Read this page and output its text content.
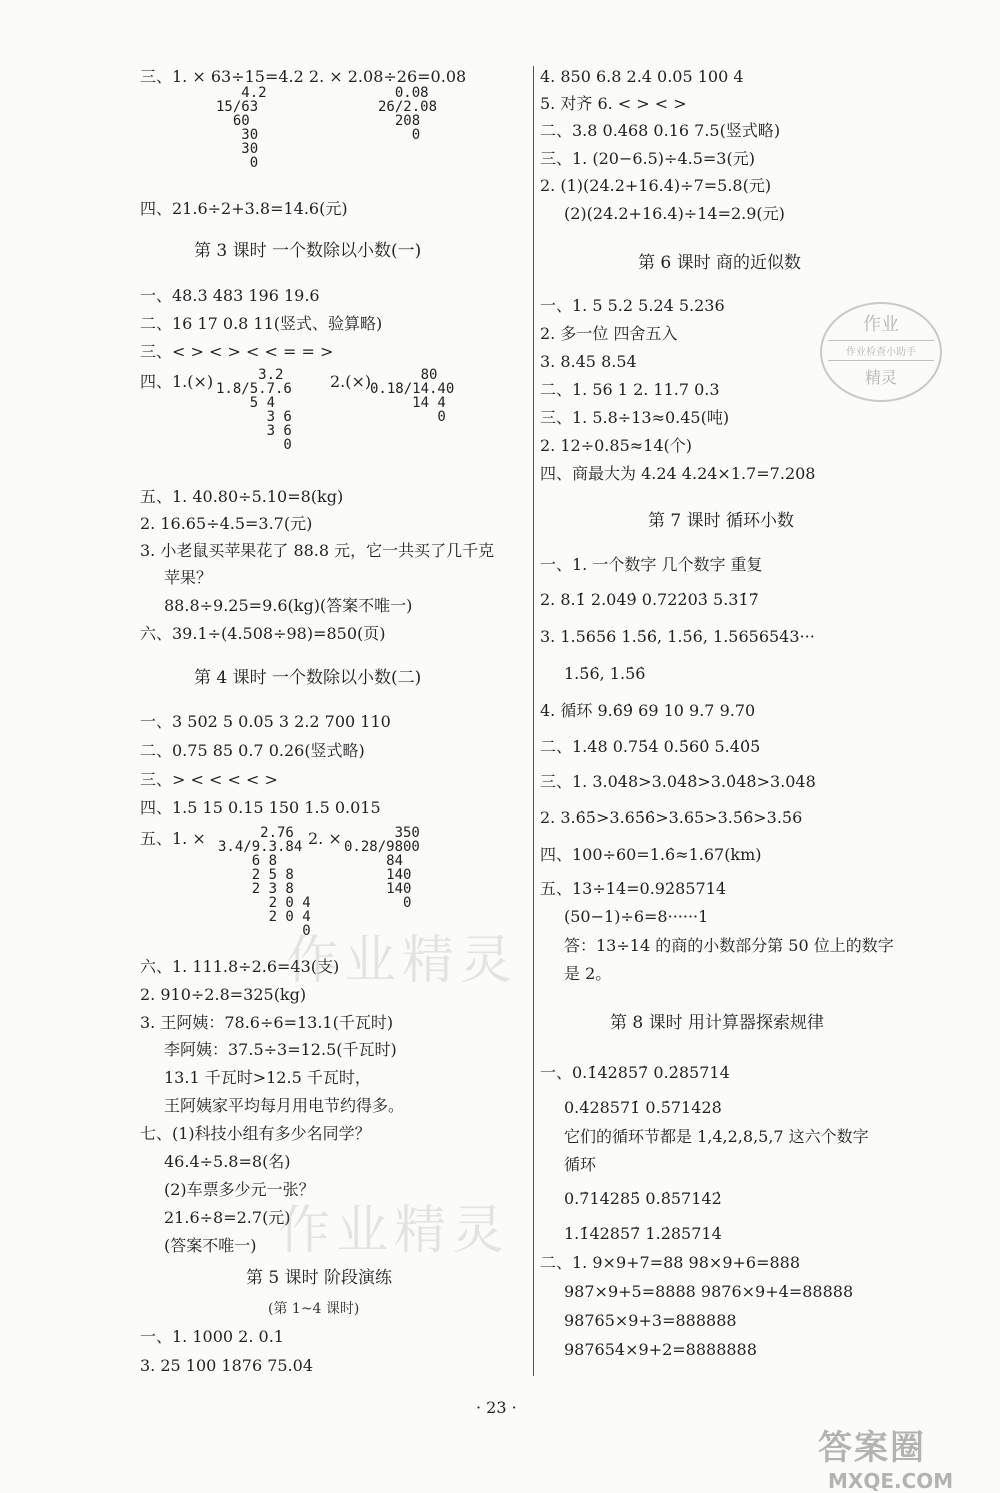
三、1. × 63÷15=4.2 2. × 2.08÷26=0.08
4.2
15/63
60
30
30
0
0.08
26/2.08
208
0
四、21.6÷2+3.8=14.6(元)
第 3 课时 一个数除以小数(一)
一、48.3 483 196 19.6
二、16 17 0.8 11(竖式、验算略)
三、< > < > < < = = >
四、1.(×)	2.(×)
3.2
1.8/5.7.6
5 4
3 6
3 6
0
80
0.18/14.40
14 4
0
五、1. 40.80÷5.10=8(kg)
2. 16.65÷4.5=3.7(元)
3. 小老鼠买苹果花了 88.8 元，它一共买了几千克
苹果？
88.8÷9.25=9.6(kg)(答案不唯一)
六、39.1÷(4.508÷98)=850(页)
第 4 课时 一个数除以小数(二)
一、3 502 5 0.05 3 2.2 700 110
二、0.75 85 0.7 0.26(竖式略)
三、> < < < < >
四、1.5 15 0.15 150 1.5 0.015
五、1. ×	2. ×
2.76
3.4/9.3.84
6 8
2 5 8
2 3 8
2 0 4
2 0 4
0
350
0.28/9800
84
140
140
0
六、1. 111.8÷2.6=43(支)
2. 910÷2.8=325(kg)
3. 王阿姨：78.6÷6=13.1(千瓦时)
李阿姨：37.5÷3=12.5(千瓦时)
13.1 千瓦时>12.5 千瓦时，
王阿姨家平均每月用电节约得多。
七、(1)科技小组有多少名同学？
46.4÷5.8=8(名)
(2)车票多少元一张？
21.6÷8=2.7(元)
(答案不唯一)
第 5 课时 阶段演练
(第 1~4 课时)
一、1. 1000 2. 0.1
3. 25 100 1876 75.04
4. 850 6.8 2.4 0.05 100 4
5. 对齐 6. < > < >
二、3.8 0.468 0.16 7.5(竖式略)
三、1. (20−6.5)÷4.5=3(元)
2. (1)(24.2+16.4)÷7=5.8(元)
(2)(24.2+16.4)÷14=2.9(元)
第 6 课时 商的近似数
一、1. 5 5.2 5.24 5.236
2. 多一位 四舍五入
3. 8.45 8.54
二、1. 56 1 2. 11.7 0.3
三、1. 5.8÷13≈0.45(吨)
2. 12÷0.85≈14(个)
四、商最大为 4.24 4.24×1.7=7.208
第 7 课时 循环小数
一、1. 一个数字 几个数字 重复
2. 8.1̇ 2.04̇9̇ 0.722̇03̇ 5.31̇7̇
3. 1.5656 1.5̇6̇, 1.5̇6̇, 1.5656543···
1.5̇6̇, 1.5̇6̇
4. 循环 9.6̇9̇ 69 10 9.7 9.70
二、1.48 0.75̇4̇ 0.5̇60̇ 5.40̇5̇
三、1. 3.048>3.04̇8̇>3.0̇48̇>3.048
2. 3.6̇5̇>3.65̇6̇>3.65>3.5̇6̇>3.5̇6
四、100÷60=1.6̇≈1.67(km)
五、13÷14=0.92̇85714̇
(50−1)÷6=8······1
答：13÷14 的商的小数部分第 50 位上的数字
是 2。
第 8 课时 用计算器探索规律
一、0.1̇42857̇ 0.2̇85714̇
0.4̇28571̇ 0.5̇71428̇
它们的循环节都是 1,4,2,8,5,7 这六个数字
循环
0.7̇14285̇ 0.8̇57142̇
1.1̇42857̇ 1.2̇85714̇
二、1. 9×9+7=88 98×9+6=888
987×9+5=8888 9876×9+4=88888
98765×9+3=888888
987654×9+2=8888888
作业精灵
作业精灵
作业
作业检查小助手
精灵
· 23 ·
答案圈
MXQE.COM
